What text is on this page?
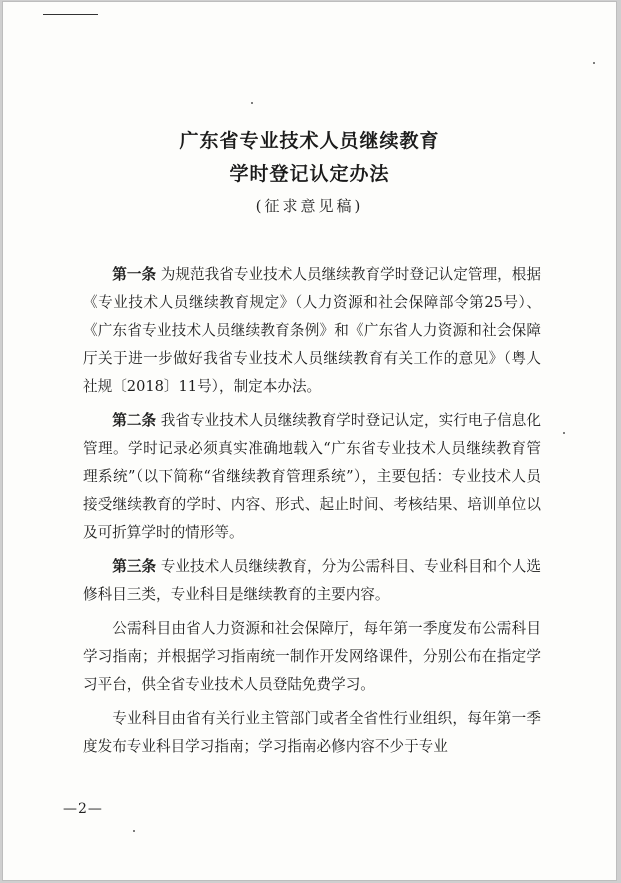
广东省专业技术人员继续教育
学时登记认定办法
(征求意见稿)

第一条 为规范我省专业技术人员继续教育学时登记认定管理，根据《专业技术人员继续教育规定》（人力资源和社会保障部令第25号）、《广东省专业技术人员继续教育条例》和《广东省人力资源和社会保障厅关于进一步做好我省专业技术人员继续教育有关工作的意见》（粤人社规〔2018〕11号），制定本办法。

第二条 我省专业技术人员继续教育学时登记认定，实行电子信息化管理。学时记录必须真实准确地载入“广东省专业技术人员继续教育管理系统”（以下简称“省继续教育管理系统”），主要包括：专业技术人员接受继续教育的学时、内容、形式、起止时间、考核结果、培训单位以及可折算学时的情形等。

第三条 专业技术人员继续教育，分为公需科目、专业科目和个人选修科目三类，专业科目是继续教育的主要内容。

公需科目由省人力资源和社会保障厅，每年第一季度发布公需科目学习指南；并根据学习指南统一制作开发网络课件，分别公布在指定学习平台，供全省专业技术人员登陆免费学习。

专业科目由省有关行业主管部门或者全省性行业组织，每年第一季度发布专业科目学习指南；学习指南必修内容不少于专业

—2—
